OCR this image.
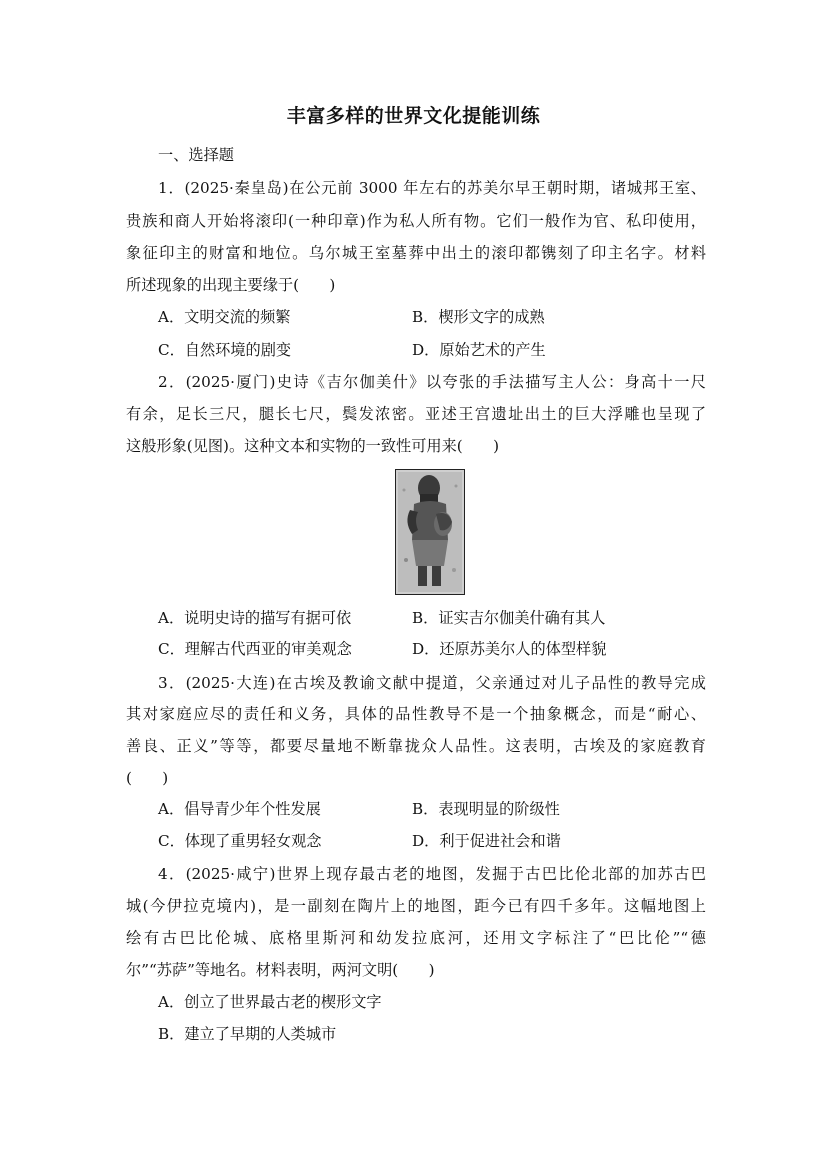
丰富多样的世界文化提能训练
一、选择题
1．(2025·秦皇岛)在公元前 3000 年左右的苏美尔早王朝时期，诸城邦王室、
贵族和商人开始将滚印(一种印章)作为私人所有物。它们一般作为官、私印使用，
象征印主的财富和地位。乌尔城王室墓葬中出土的滚印都镌刻了印主名字。材料
所述现象的出现主要缘于(　　)
A．文明交流的频繁	B．楔形文字的成熟
C．自然环境的剧变	D．原始艺术的产生
2．(2025·厦门)史诗《吉尔伽美什》以夸张的手法描写主人公：身高十一尺
有余，足长三尺，腿长七尺，鬓发浓密。亚述王宫遗址出土的巨大浮雕也呈现了
这般形象(见图)。这种文本和实物的一致性可用来(　　)
A．说明史诗的描写有据可依	B．证实吉尔伽美什确有其人
C．理解古代西亚的审美观念	D．还原苏美尔人的体型样貌
3．(2025·大连)在古埃及教谕文献中提道，父亲通过对儿子品性的教导完成
其对家庭应尽的责任和义务，具体的品性教导不是一个抽象概念，而是“耐心、
善良、正义”等等，都要尽量地不断靠拢众人品性。这表明，古埃及的家庭教育
(　　)
A．倡导青少年个性发展	B．表现明显的阶级性
C．体现了重男轻女观念	D．利于促进社会和谐
4．(2025·咸宁)世界上现存最古老的地图，发掘于古巴比伦北部的加苏古巴
城(今伊拉克境内)，是一副刻在陶片上的地图，距今已有四千多年。这幅地图上
绘有古巴比伦城、底格里斯河和幼发拉底河，还用文字标注了“巴比伦”“德
尔”“苏萨”等地名。材料表明，两河文明(　　)
A．创立了世界最古老的楔形文字
B．建立了早期的人类城市
